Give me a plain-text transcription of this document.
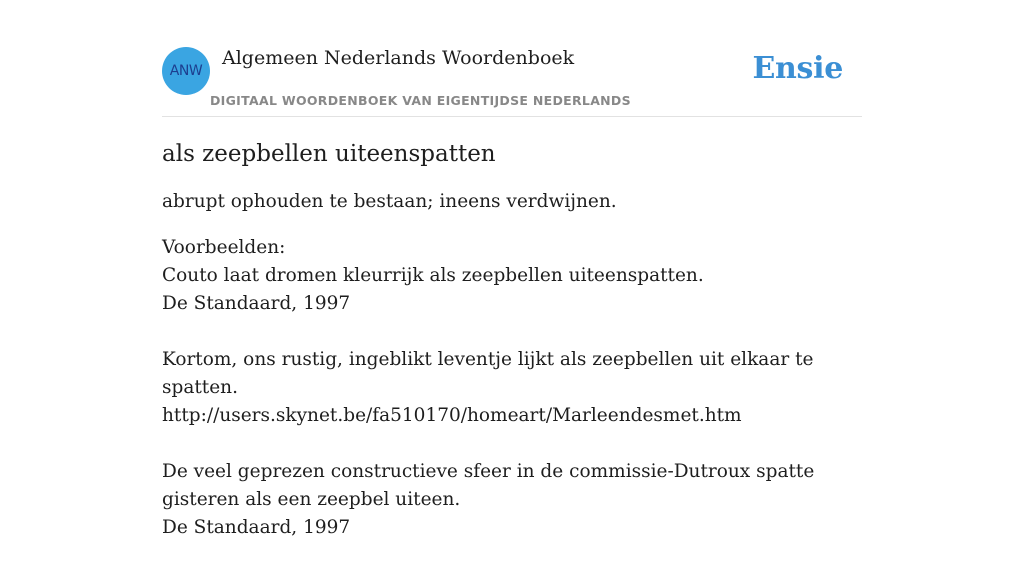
ANW
Algemeen Nederlands Woordenboek
DIGITAAL WOORDENBOEK VAN EIGENTIJDSE NEDERLANDS
Ensie
als zeepbellen uiteenspatten

abrupt ophouden te bestaan; ineens verdwijnen.

Voorbeelden:
Couto laat dromen kleurrijk als zeepbellen uiteenspatten.
De Standaard, 1997
Kortom, ons rustig, ingeblikt leventje lijkt als zeepbellen uit elkaar te spatten.
http://users.skynet.be/fa510170/homeart/Marleendesmet.htm
De veel geprezen constructieve sfeer in de commissie-Dutroux spatte gisteren als een zeepbel uiteen.
De Standaard, 1997
